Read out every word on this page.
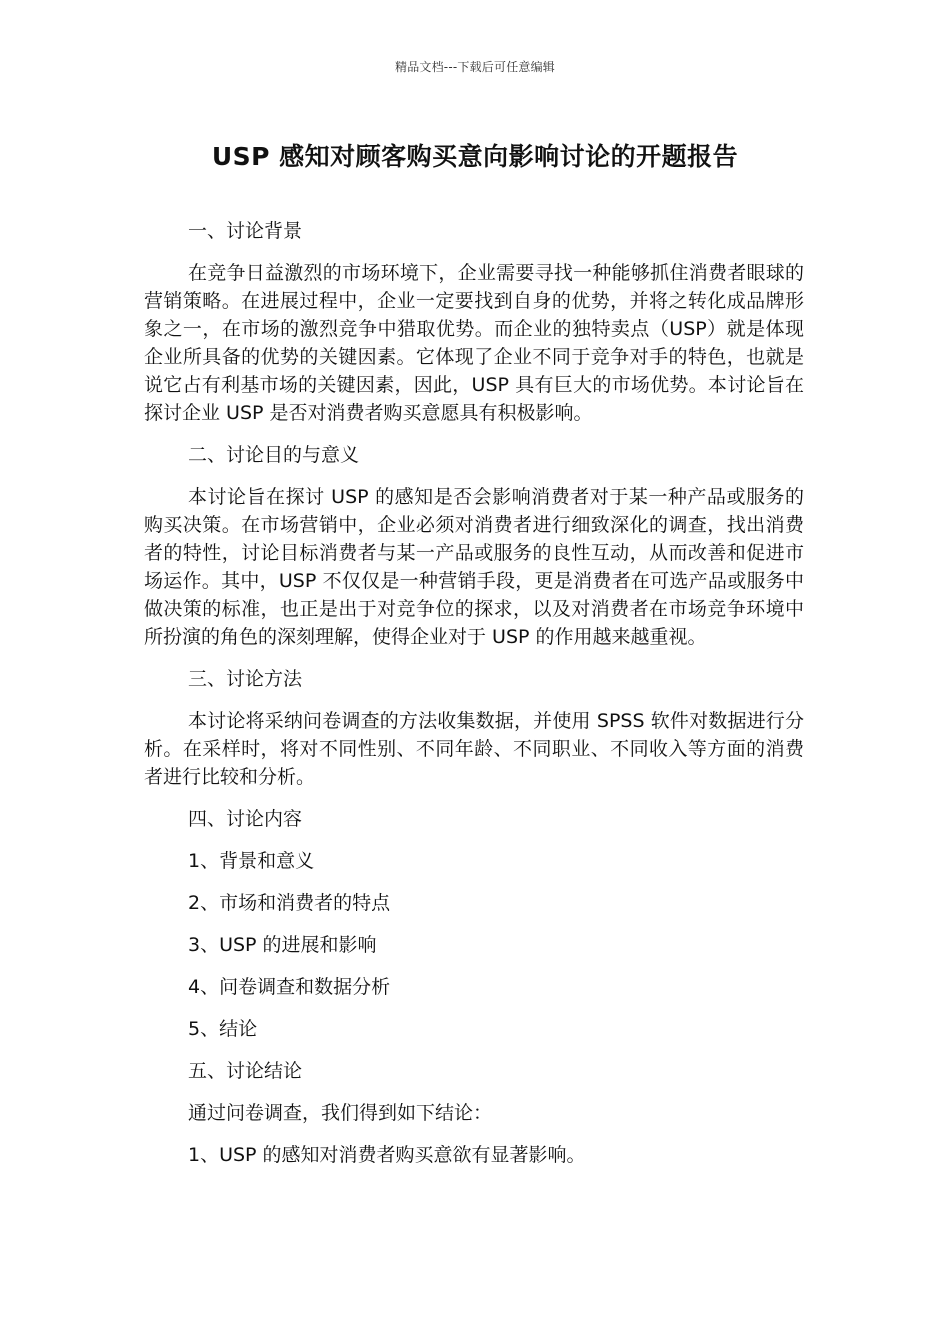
精品文档---下载后可任意编辑
USP 感知对顾客购买意向影响讨论的开题报告

一、讨论背景

在竞争日益激烈的市场环境下，企业需要寻找一种能够抓住消费者眼球的营销策略。在进展过程中，企业一定要找到自身的优势，并将之转化成品牌形象之一，在市场的激烈竞争中猎取优势。而企业的独特卖点（USP）就是体现企业所具备的优势的关键因素。它体现了企业不同于竞争对手的特色，也就是说它占有利基市场的关键因素，因此，USP 具有巨大的市场优势。本讨论旨在探讨企业 USP 是否对消费者购买意愿具有积极影响。

二、讨论目的与意义

本讨论旨在探讨 USP 的感知是否会影响消费者对于某一种产品或服务的购买决策。在市场营销中，企业必须对消费者进行细致深化的调查，找出消费者的特性，讨论目标消费者与某一产品或服务的良性互动，从而改善和促进市场运作。其中，USP 不仅仅是一种营销手段，更是消费者在可选产品或服务中做决策的标准，也正是出于对竞争位的探求，以及对消费者在市场竞争环境中所扮演的角色的深刻理解，使得企业对于 USP 的作用越来越重视。

三、讨论方法

本讨论将采纳问卷调查的方法收集数据，并使用 SPSS 软件对数据进行分析。在采样时，将对不同性别、不同年龄、不同职业、不同收入等方面的消费者进行比较和分析。

四、讨论内容

1、背景和意义

2、市场和消费者的特点

3、USP 的进展和影响

4、问卷调查和数据分析

5、结论

五、讨论结论

通过问卷调查，我们得到如下结论：

1、USP 的感知对消费者购买意欲有显著影响。
